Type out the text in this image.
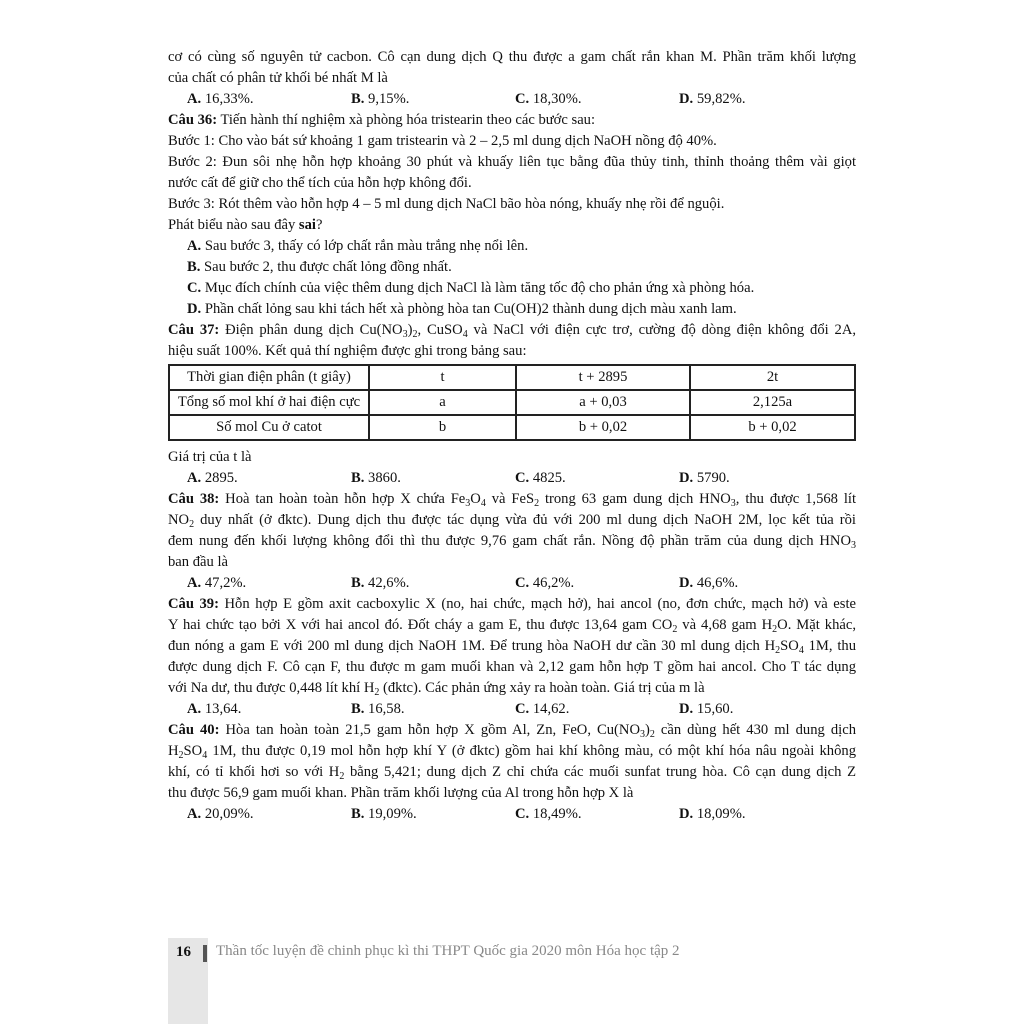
cơ có cùng số nguyên tử cacbon. Cô cạn dung dịch Q thu được a gam chất rắn khan M. Phần trăm khối lượng
của chất có phân tử khối bé nhất M là
A. 16,33%.	B. 9,15%.	C. 18,30%.	D. 59,82%.
Câu 36: Tiến hành thí nghiệm xà phòng hóa tristearin theo các bước sau:
Bước 1: Cho vào bát sứ khoảng 1 gam tristearin và 2 – 2,5 ml dung dịch NaOH nồng độ 40%.
Bước 2: Đun sôi nhẹ hỗn hợp khoảng 30 phút và khuấy liên tục bằng đũa thủy tinh, thỉnh thoảng thêm vài giọt
nước cất để giữ cho thể tích của hỗn hợp không đổi.
Bước 3: Rót thêm vào hỗn hợp 4 – 5 ml dung dịch NaCl bão hòa nóng, khuấy nhẹ rồi để nguội.
Phát biểu nào sau đây sai?
A. Sau bước 3, thấy có lớp chất rắn màu trắng nhẹ nổi lên.
B. Sau bước 2, thu được chất lỏng đồng nhất.
C. Mục đích chính của việc thêm dung dịch NaCl là làm tăng tốc độ cho phản ứng xà phòng hóa.
D. Phần chất lỏng sau khi tách hết xà phòng hòa tan Cu(OH)2 thành dung dịch màu xanh lam.
Câu 37: Điện phân dung dịch $Cu(NO_3)_2$, CuSO$_4$ và NaCl với điện cực trơ, cường độ dòng điện không đổi 2A,
hiệu suất 100%. Kết quả thí nghiệm được ghi trong bảng sau:
Thời gian điện phân (t giây)	t	t + 2895	2t
Tổng số mol khí ở hai điện cực	a	a + 0,03	2,125a
Số mol Cu ở catot	b	b + 0,02	b + 0,02
Giá trị của t là
A. 2895.	B. 3860.	C. 4825.	D. 5790.
Câu 38: Hoà tan hoàn toàn hỗn hợp X chứa $Fe_3O_4$ và FeS$_2$ trong 63 gam dung dịch $HNO_3$, thu được 1,568 lít
$NO_2$ duy nhất (ở đktc). Dung dịch thu được tác dụng vừa đủ với 200 ml dung dịch NaOH 2M, lọc kết tủa rồi
đem nung đến khối lượng không đổi thì thu được 9,76 gam chất rắn. Nồng độ phần trăm của dung dịch $HNO_3$
ban đầu là
A. 47,2%.	B. 42,6%.	C. 46,2%.	D. 46,6%.
Câu 39: Hỗn hợp E gồm axit cacboxylic X (no, hai chức, mạch hở), hai ancol (no, đơn chức, mạch hở) và este
Y hai chức tạo bởi X với hai ancol đó. Đốt cháy a gam E, thu được 13,64 gam $CO_2$ và 4,68 gam $H_2O$. Mặt khác,
đun nóng a gam E với 200 ml dung dịch NaOH 1M. Để trung hòa NaOH dư cần 30 ml dung dịch $H_2SO_4$ 1M, thu
được dung dịch F. Cô cạn F, thu được m gam muối khan và 2,12 gam hỗn hợp T gồm hai ancol. Cho T tác dụng
với Na dư, thu được 0,448 lít khí $H_2$ (đktc). Các phản ứng xảy ra hoàn toàn. Giá trị của m là
A. 13,64.	B. 16,58.	C. 14,62.	D. 15,60.
Câu 40: Hòa tan hoàn toàn 21,5 gam hỗn hợp X gồm Al, Zn, FeO, $Cu(NO_3)_2$ cần dùng hết 430 ml dung dịch
$H_2SO_4$ 1M, thu được 0,19 mol hỗn hợp khí Y (ở đktc) gồm hai khí không màu, có một khí hóa nâu ngoài không
khí, có tỉ khối hơi so với $H_2$ bằng 5,421; dung dịch Z chỉ chứa các muối sunfat trung hòa. Cô cạn dung dịch Z
thu được 56,9 gam muối khan. Phần trăm khối lượng của Al trong hỗn hợp X là
A. 20,09%.	B. 19,09%.	C. 18,49%.	D. 18,09%.
16 Thần tốc luyện đề chinh phục kì thi THPT Quốc gia 2020 môn Hóa học tập 2
